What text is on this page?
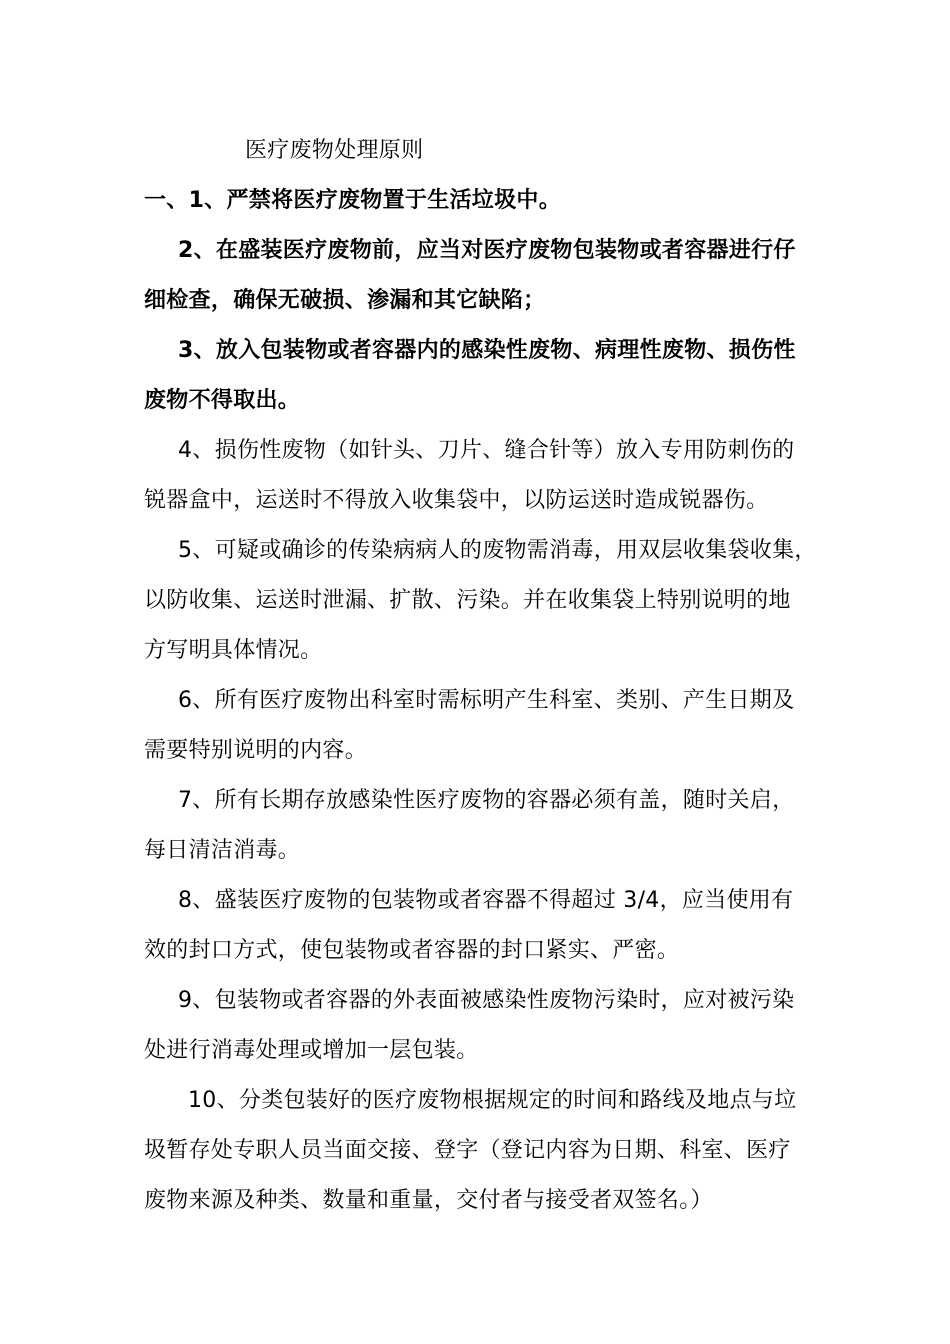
医疗废物处理原则
一、1、严禁将医疗废物置于生活垃圾中。
2、在盛装医疗废物前，应当对医疗废物包装物或者容器进行仔
细检查，确保无破损、渗漏和其它缺陷；
3、放入包装物或者容器内的感染性废物、病理性废物、损伤性
废物不得取出。
4、损伤性废物（如针头、刀片、缝合针等）放入专用防刺伤的
锐器盒中，运送时不得放入收集袋中，以防运送时造成锐器伤。
5、可疑或确诊的传染病病人的废物需消毒，用双层收集袋收集，
以防收集、运送时泄漏、扩散、污染。并在收集袋上特别说明的地
方写明具体情况。
6、所有医疗废物出科室时需标明产生科室、类别、产生日期及
需要特别说明的内容。
7、所有长期存放感染性医疗废物的容器必须有盖，随时关启，
每日清洁消毒。
8、盛装医疗废物的包装物或者容器不得超过 3/4，应当使用有
效的封口方式，使包装物或者容器的封口紧实、严密。
9、包装物或者容器的外表面被感染性废物污染时，应对被污染
处进行消毒处理或增加一层包装。
10、分类包装好的医疗废物根据规定的时间和路线及地点与垃
圾暂存处专职人员当面交接、登字（登记内容为日期、科室、医疗
废物来源及种类、数量和重量，交付者与接受者双签名。）
